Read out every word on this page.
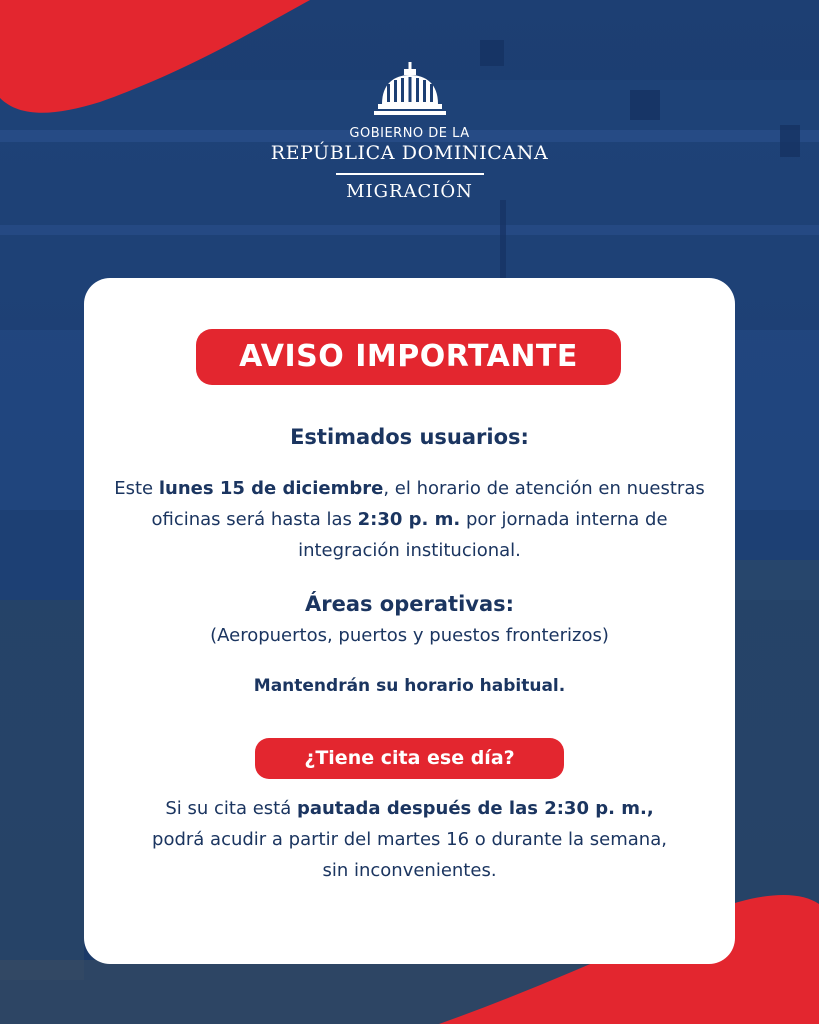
GOBIERNO DE LA
REPÚBLICA DOMINICANA
MIGRACIÓN
AVISO IMPORTANTE
Estimados usuarios:
Este lunes 15 de diciembre, el horario de atención en nuestras oficinas será hasta las 2:30 p. m. por jornada interna de integración institucional.
Áreas operativas:
(Aeropuertos, puertos y puestos fronterizos)
Mantendrán su horario habitual.
¿Tiene cita ese día?
Si su cita está pautada después de las 2:30 p. m., podrá acudir a partir del martes 16 o durante la semana, sin inconvenientes.
